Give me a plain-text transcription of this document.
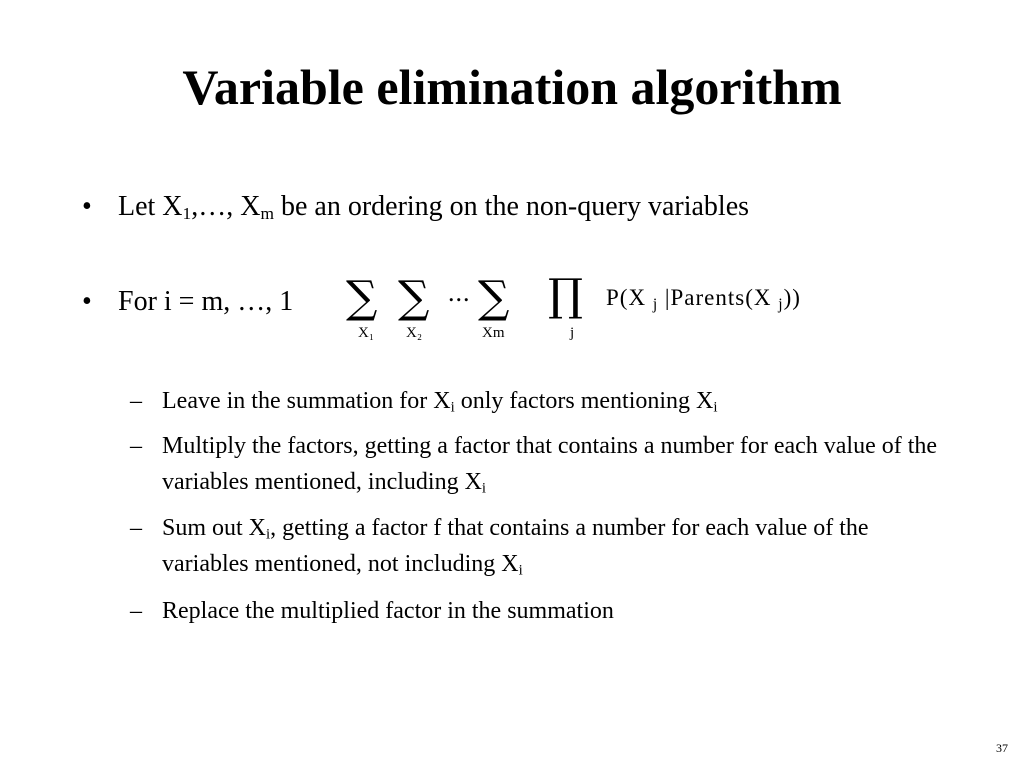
Variable elimination algorithm
• Let $X_1,\dots$, $X_m$ be an ordering on the non-query variables
• For i = m, …, 1 ∑
X₁
∑
X₂
... ∑
Xm
∏
j
P(X $_j$ |Parents(X $_j$))
– Leave in the summation for $X_i$ only factors mentioning $X_i$
– Multiply the factors, getting a factor that contains a number for each value of the variables mentioned, including $X_i$
– Sum out $X_i$, getting a factor f that contains a number for each value of the variables mentioned, not including $X_i$
– Replace the multiplied factor in the summation
37
